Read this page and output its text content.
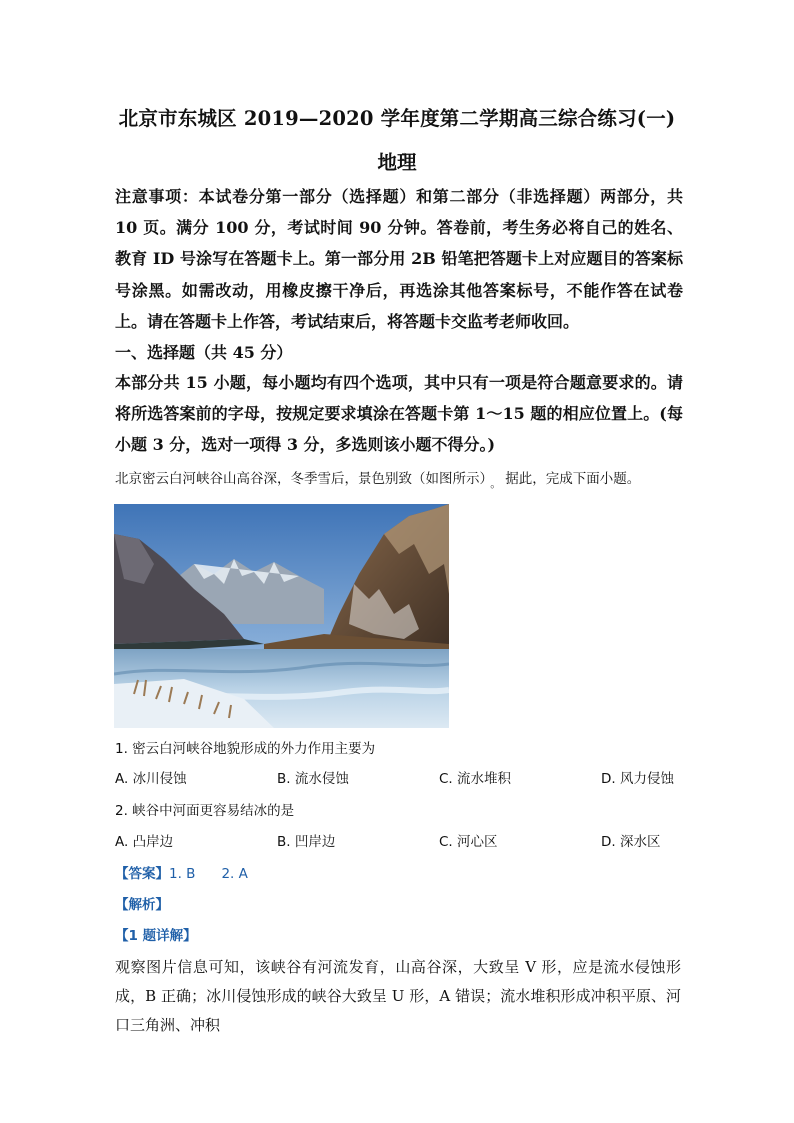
北京市东城区 2019—2020 学年度第二学期高三综合练习(一)
地理
注意事项：本试卷分第一部分（选择题）和第二部分（非选择题）两部分，共 10 页。满分 100 分，考试时间 90 分钟。答卷前，考生务必将自己的姓名、教育 ID 号涂写在答题卡上。第一部分用 2B 铅笔把答题卡上对应题目的答案标号涂黑。如需改动，用橡皮擦干净后，再选涂其他答案标号，不能作答在试卷上。请在答题卡上作答，考试结束后，将答题卡交监考老师收回。
一、选择题（共 45 分）
本部分共 15 小题，每小题均有四个选项，其中只有一项是符合题意要求的。请将所选答案前的字母，按规定要求填涂在答题卡第 1～15 题的相应位置上。(每小题 3 分，选对一项得 3 分，多选则该小题不得分。)
北京密云白河峡谷山高谷深，冬季雪后，景色别致（如图所示） $_。$ 据此，完成下面小题。
1. 密云白河峡谷地貌形成的外力作用主要为
A. 冰川侵蚀	B. 流水侵蚀	C. 流水堆积	D. 风力侵蚀
2. 峡谷中河面更容易结冰的是
A. 凸岸边	B. 凹岸边	C. 河心区	D. 深水区
【答案】1. B 2. A
【解析】
【1 题详解】
观察图片信息可知，该峡谷有河流发育，山高谷深，大致呈 V 形，应是流水侵蚀形成，B 正确；冰川侵蚀形成的峡谷大致呈 U 形，A 错误；流水堆积形成冲积平原、河口三角洲、冲积
